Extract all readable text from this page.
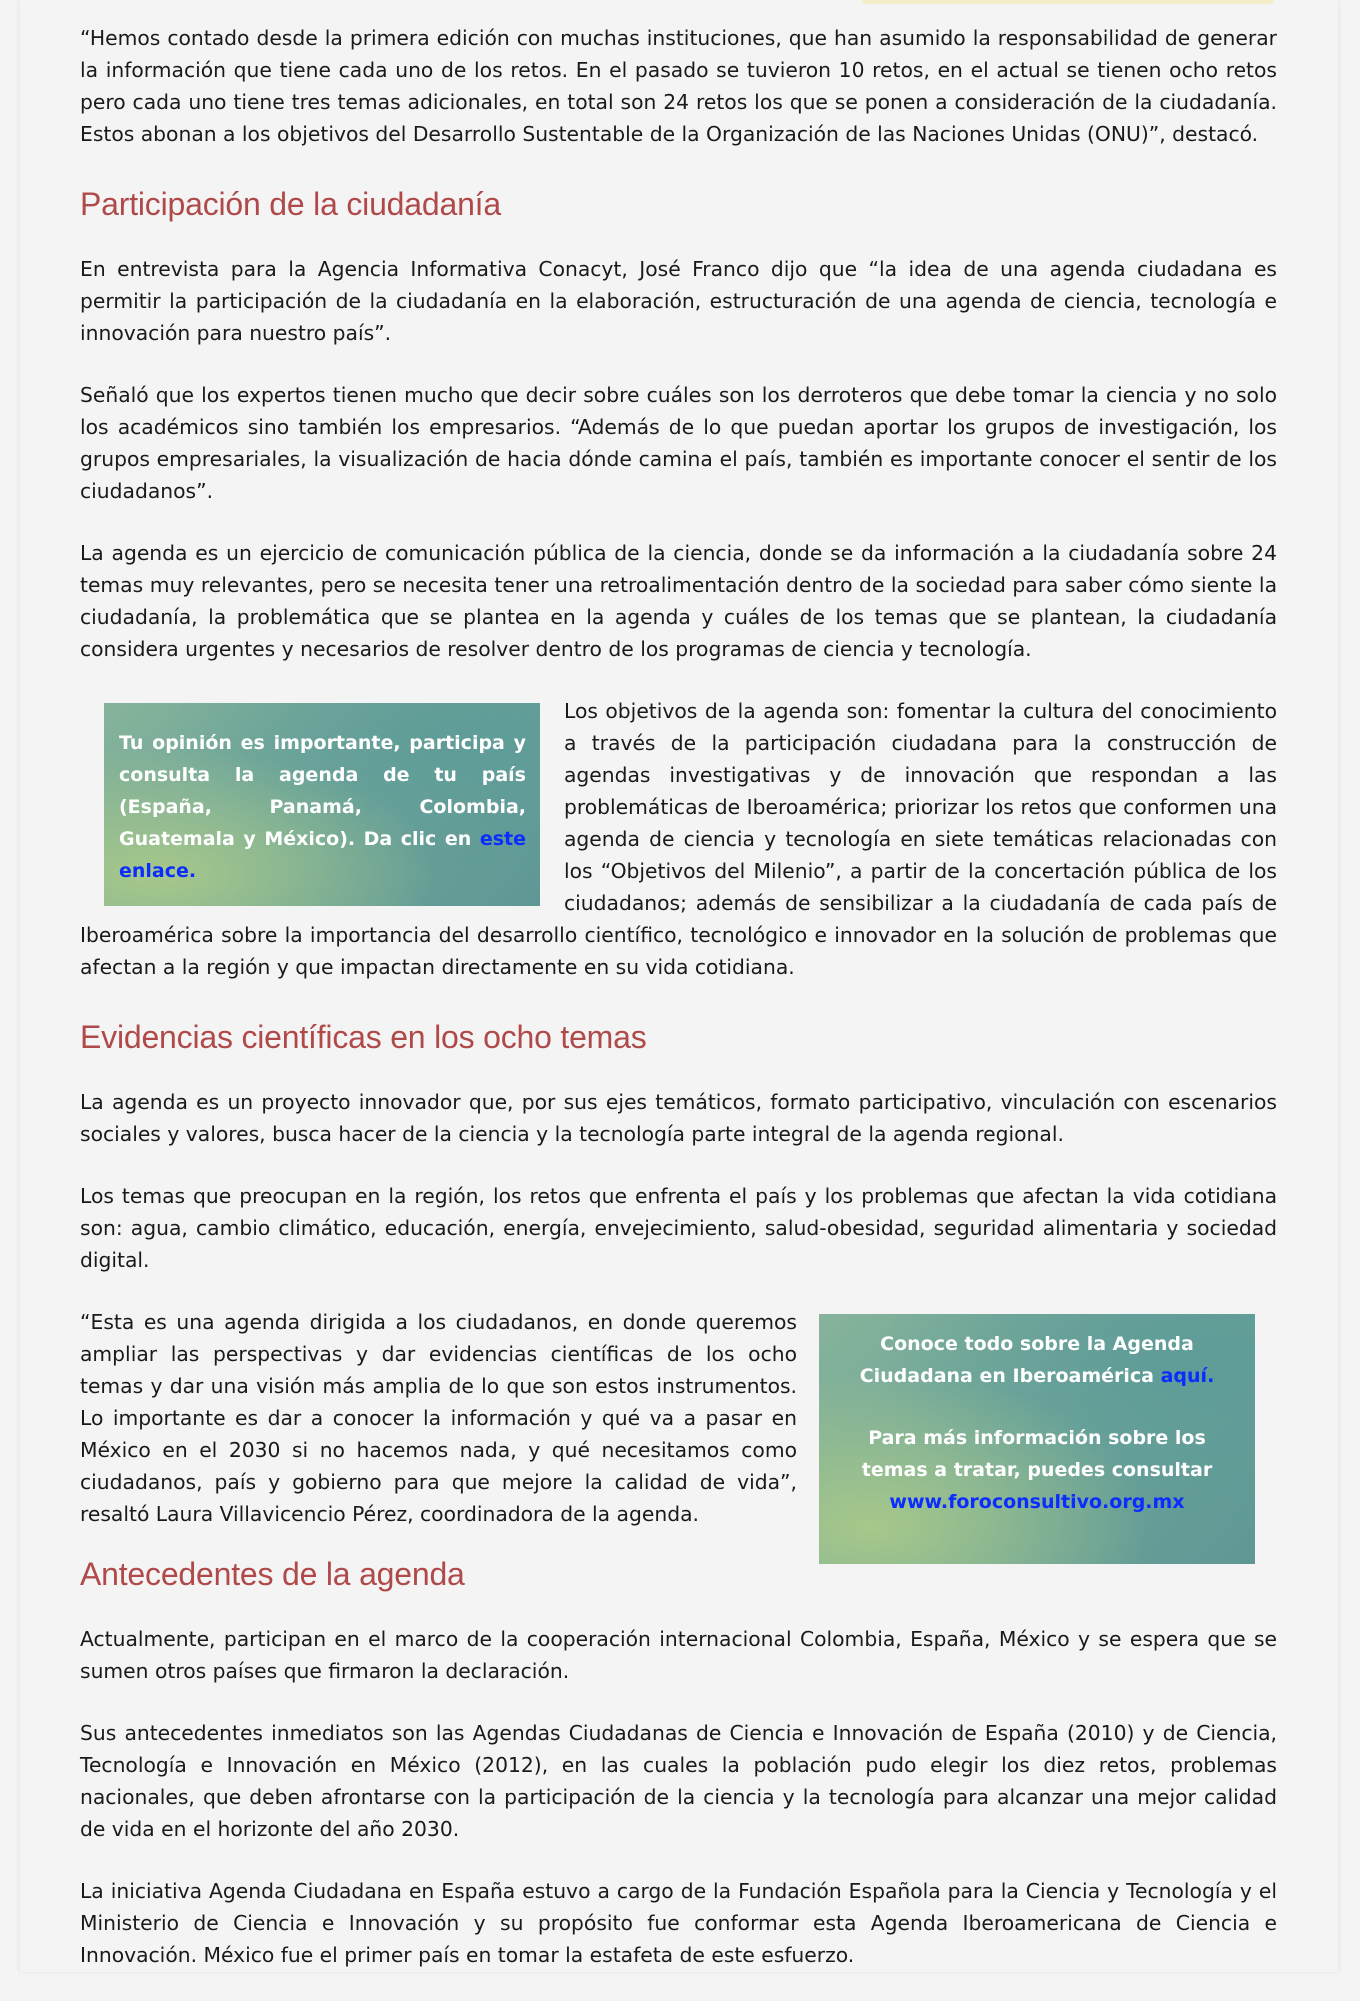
“Hemos contado desde la primera edición con muchas instituciones, que han asumido la responsabilidad de generar la información que tiene cada uno de los retos. En el pasado se tuvieron 10 retos, en el actual se tienen ocho retos pero cada uno tiene tres temas adicionales, en total son 24 retos los que se ponen a consideración de la ciudadanía. Estos abonan a los objetivos del Desarrollo Sustentable de la Organización de las Naciones Unidas (ONU)”, destacó.

Participación de la ciudadanía

En entrevista para la Agencia Informativa Conacyt, José Franco dijo que “la idea de una agenda ciudadana es permitir la participación de la ciudadanía en la elaboración, estructuración de una agenda de ciencia, tecnología e innovación para nuestro país”.

Señaló que los expertos tienen mucho que decir sobre cuáles son los derroteros que debe tomar la ciencia y no solo los académicos sino también los empresarios. “Además de lo que puedan aportar los grupos de investigación, los grupos empresariales, la visualización de hacia dónde camina el país, también es importante conocer el sentir de los ciudadanos”.

La agenda es un ejercicio de comunicación pública de la ciencia, donde se da información a la ciudadanía sobre 24 temas muy relevantes, pero se necesita tener una retroalimentación dentro de la sociedad para saber cómo siente la ciudadanía, la problemática que se plantea en la agenda y cuáles de los temas que se plantean, la ciudadanía considera urgentes y necesarios de resolver dentro de los programas de ciencia y tecnología.

Tu opinión es importante, participa y consulta la agenda de tu país (España, Panamá, Colombia, Guatemala y México). Da clic en este enlace.

Los objetivos de la agenda son: fomentar la cultura del conocimiento a través de la participación ciudadana para la construcción de agendas investigativas y de innovación que respondan a las problemáticas de Iberoamérica; priorizar los retos que conformen una agenda de ciencia y tecnología en siete temáticas relacionadas con los “Objetivos del Milenio”, a partir de la concertación pública de los ciudadanos; además de sensibilizar a la ciudadanía de cada país de Iberoamérica sobre la importancia del desarrollo científico, tecnológico e innovador en la solución de problemas que afectan a la región y que impactan directamente en su vida cotidiana.

Evidencias científicas en los ocho temas

La agenda es un proyecto innovador que, por sus ejes temáticos, formato participativo, vinculación con escenarios sociales y valores, busca hacer de la ciencia y la tecnología parte integral de la agenda regional.

Los temas que preocupan en la región, los retos que enfrenta el país y los problemas que afectan la vida cotidiana son: agua, cambio climático, educación, energía, envejecimiento, salud-obesidad, seguridad alimentaria y sociedad digital.

Conoce todo sobre la Agenda Ciudadana en Iberoamérica aquí.
Para más información sobre los temas a tratar, puedes consultar
www.foroconsultivo.org.mx

“Esta es una agenda dirigida a los ciudadanos, en donde queremos ampliar las perspectivas y dar evidencias científicas de los ocho temas y dar una visión más amplia de lo que son estos instrumentos. Lo importante es dar a conocer la información y qué va a pasar en México en el 2030 si no hacemos nada, y qué necesitamos como ciudadanos, país y gobierno para que mejore la calidad de vida”, resaltó Laura Villavicencio Pérez, coordinadora de la agenda.

Antecedentes de la agenda

Actualmente, participan en el marco de la cooperación internacional Colombia, España, México y se espera que se sumen otros países que firmaron la declaración.

Sus antecedentes inmediatos son las Agendas Ciudadanas de Ciencia e Innovación de España (2010) y de Ciencia, Tecnología e Innovación en México (2012), en las cuales la población pudo elegir los diez retos, problemas nacionales, que deben afrontarse con la participación de la ciencia y la tecnología para alcanzar una mejor calidad de vida en el horizonte del año 2030.

La iniciativa Agenda Ciudadana en España estuvo a cargo de la Fundación Española para la Ciencia y Tecnología y el Ministerio de Ciencia e Innovación y su propósito fue conformar esta Agenda Iberoamericana de Ciencia e Innovación. México fue el primer país en tomar la estafeta de este esfuerzo.
